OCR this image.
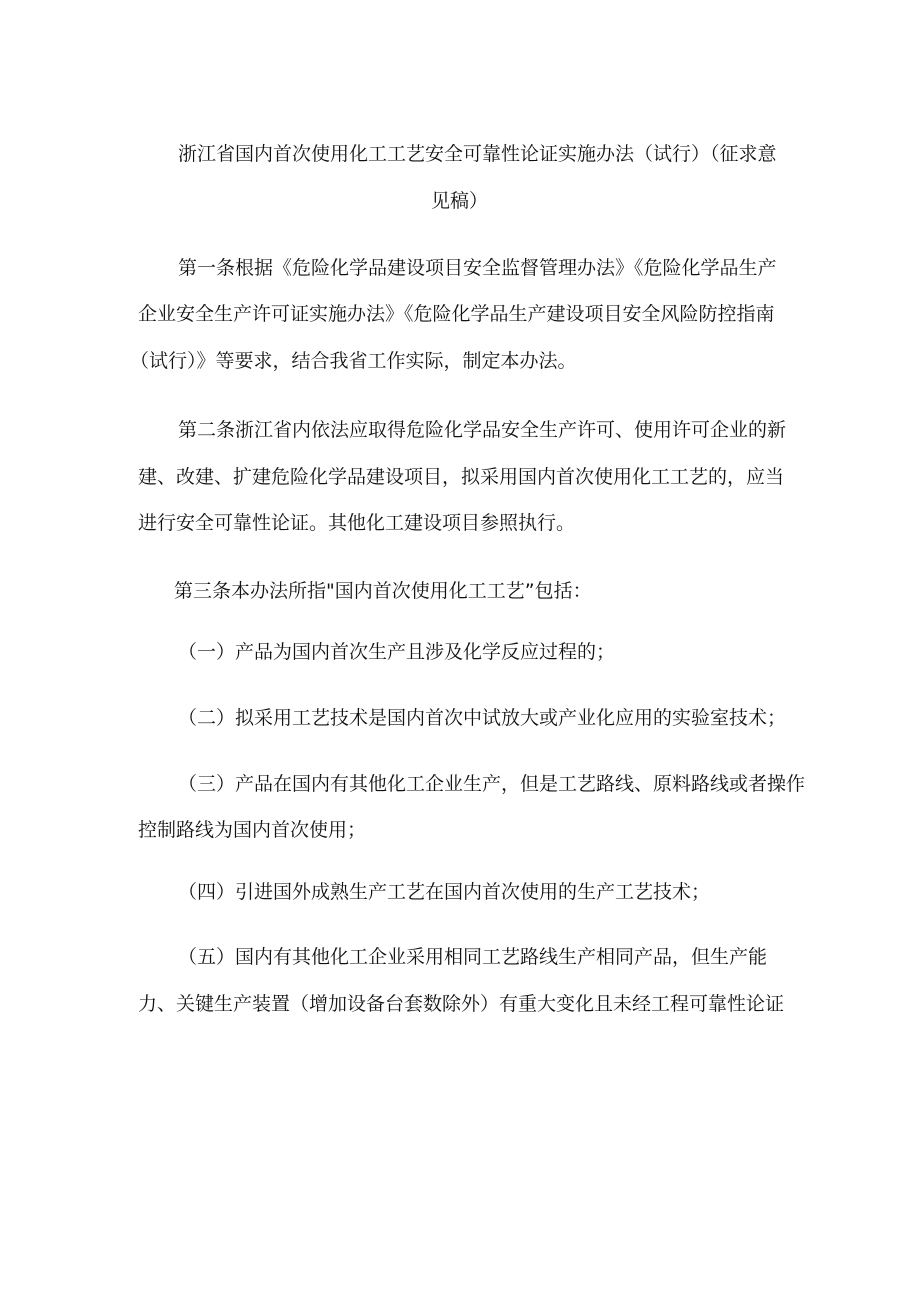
浙江省国内首次使用化工工艺安全可靠性论证实施办法（试行）（征求意
见稿）
第一条根据《危险化学品建设项目安全监督管理办法》《危险化学品生产
企业安全生产许可证实施办法》《危险化学品生产建设项目安全风险防控指南
（试行）》等要求，结合我省工作实际，制定本办法。
第二条浙江省内依法应取得危险化学品安全生产许可、使用许可企业的新
建、改建、扩建危险化学品建设项目，拟采用国内首次使用化工工艺的，应当
进行安全可靠性论证。其他化工建设项目参照执行。
第三条本办法所指"国内首次使用化工工艺”包括：
（一）产品为国内首次生产且涉及化学反应过程的；
（二）拟采用工艺技术是国内首次中试放大或产业化应用的实验室技术；
（三）产品在国内有其他化工企业生产，但是工艺路线、原料路线或者操作
控制路线为国内首次使用；
（四）引进国外成熟生产工艺在国内首次使用的生产工艺技术；
（五）国内有其他化工企业采用相同工艺路线生产相同产品，但生产能
力、关键生产装置（增加设备台套数除外）有重大变化且未经工程可靠性论证
